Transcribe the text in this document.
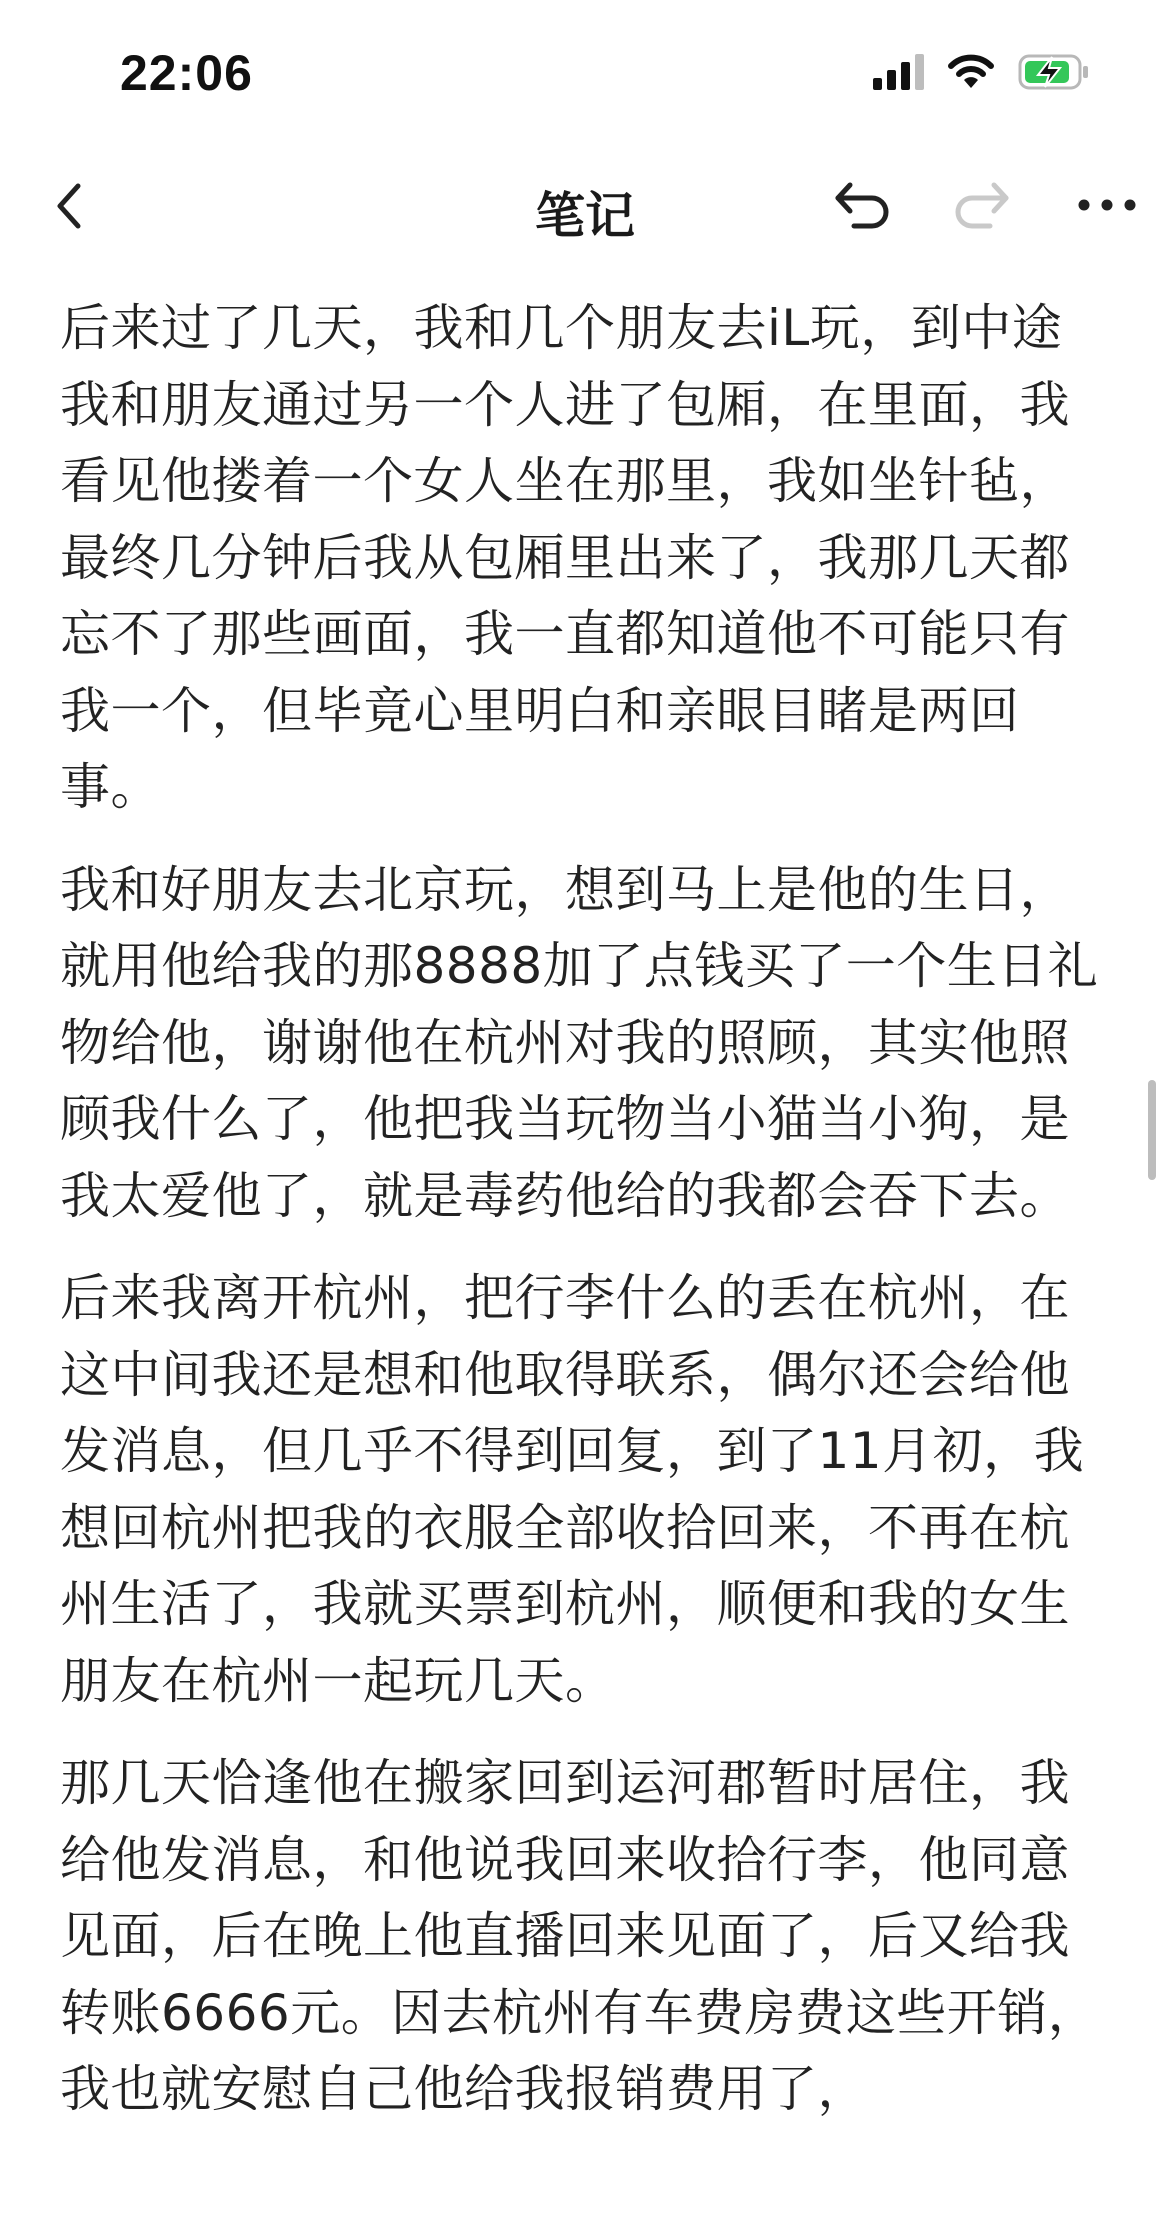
22:06
笔记

后来过了几天，我和几个朋友去iL玩，到中途我和朋友通过另一个人进了包厢，在里面，我看见他搂着一个女人坐在那里，我如坐针毡，最终几分钟后我从包厢里出来了，我那几天都忘不了那些画面，我一直都知道他不可能只有我一个，但毕竟心里明白和亲眼目睹是两回事。

我和好朋友去北京玩，想到马上是他的生日，就用他给我的那8888加了点钱买了一个生日礼物给他，谢谢他在杭州对我的照顾，其实他照顾我什么了，他把我当玩物当小猫当小狗，是我太爱他了，就是毒药他给的我都会吞下去。

后来我离开杭州，把行李什么的丢在杭州，在这中间我还是想和他取得联系，偶尔还会给他发消息，但几乎不得到回复，到了11月初，我想回杭州把我的衣服全部收拾回来，不再在杭州生活了，我就买票到杭州，顺便和我的女生朋友在杭州一起玩几天。

那几天恰逢他在搬家回到运河郡暂时居住，我给他发消息，和他说我回来收拾行李，他同意见面，后在晚上他直播回来见面了，后又给我转账6666元。因去杭州有车费房费这些开销，我也就安慰自己他给我报销费用了，
